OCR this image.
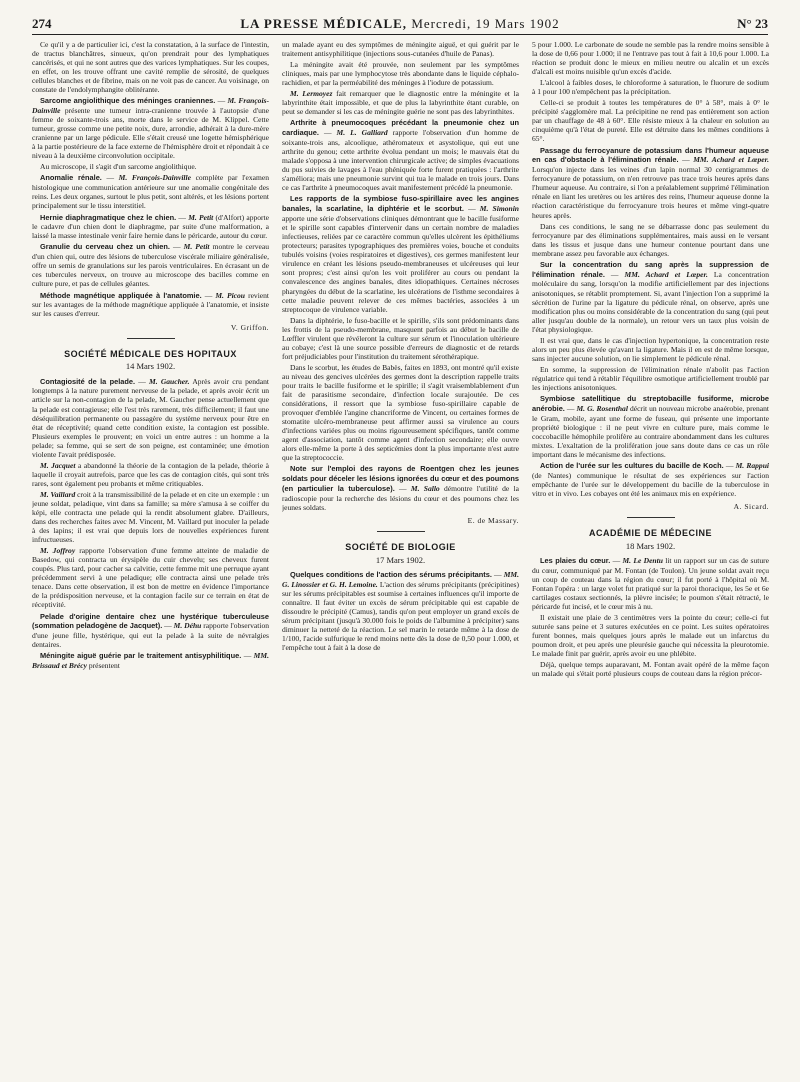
274	LA PRESSE MÉDICALE, Mercredi, 19 Mars 1902	N° 23

Ce qu'il y a de particulier ici, c'est la constatation, à la surface de l'intestin, de tractus blanchâtres, sinueux, qu'on prendrait pour des lymphatiques cancérisés, et qui ne sont autres que des varices lymphatiques. Sur les coupes, en effet, on les trouve offrant une cavité remplie de sérosité, de quelques cellules blanches et de fibrine, mais on ne voit pas de cancer. Au voisinage, on constate de l'endolymphangite oblitérante.

Sarcome angiolithique des méninges craniennes. — M. François-Dainville présente une tumeur intra-cranienne trouvée à l'autopsie d'une femme de soixante-trois ans, morte dans le service de M. Klippel. Cette tumeur, grosse comme une petite noix, dure, arrondie, adhérait à la dure-mère cranienne par un large pédicule. Elle s'était creusé une logette hémisphérique à la partie postérieure de la face externe de l'hémisphère droit et répondait à ce niveau à la deuxième circonvolution occipitale.

Au microscope, il s'agit d'un sarcome angiolithique.

Anomalie rénale. — M. François-Dainville complète par l'examen histologique une communication antérieure sur une anomalie congénitale des reins. Les deux organes, surtout le plus petit, sont altérés, et les lésions portent principalement sur le tissu interstitiel.

Hernie diaphragmatique chez le chien. — M. Petit (d'Alfort) apporte le cadavre d'un chien dont le diaphragme, par suite d'une malformation, a laissé la masse intestinale venir faire hernie dans le péricarde, autour du cœur.

Granulie du cerveau chez un chien. — M. Petit montre le cerveau d'un chien qui, outre des lésions de tuberculose viscérale miliaire généralisée, offre un semis de granulations sur les parois ventriculaires. En écrasant un de ces tubercules nerveux, on trouve au microscope des bacilles comme en culture pure, et pas de cellules géantes.

Méthode magnétique appliquée à l'anatomie. — M. Picou revient sur les avantages de la méthode magnétique appliquée à l'anatomie, et insiste sur les causes d'erreur.

V. Griffon.

SOCIÉTÉ MÉDICALE DES HOPITAUX
14 Mars 1902.

Contagiosité de la pelade. — M. Gaucher. Après avoir cru pendant longtemps à la nature purement nerveuse de la pelade, et après avoir écrit un article sur la non-contagion de la pelade, M. Gaucher pense actuellement que la pelade est contagieuse; elle l'est très rarement, très difficilement; il faut une déséquilibration permanente ou passagère du système nerveux pour être en état de réceptivité; quand cette condition existe, la contagion est possible. Plusieurs exemples le prouvent; en voici un entre autres : un homme a la pelade; sa femme, qui se sert de son peigne, est contaminée; une émotion violente l'avait prédisposée.

M. Jacquet a abandonné la théorie de la contagion de la pelade, théorie à laquelle il croyait autrefois, parce que les cas de contagion cités, qui sont très rares, sont également peu probants et même critiquables.

M. Vaillard croit à la transmissibilité de la pelade et en cite un exemple : un jeune soldat, peladique, vint dans sa famille; sa mère s'amusa à se coiffer du képi, elle contracta une pelade qui la rendit absolument glabre. D'ailleurs, dans des recherches faites avec M. Vincent, M. Vaillard put inoculer la pelade à des lapins; il est vrai que depuis lors de nouvelles expériences furent infructueuses.

M. Joffroy rapporte l'observation d'une femme atteinte de maladie de Basedow, qui contracta un érysipèle du cuir chevelu; ses cheveux furent coupés. Plus tard, pour cacher sa calvitie, cette femme mit une perruque ayant précédemment servi à une peladique; elle contracta ainsi une pelade très tenace. Dans cette observation, il est bon de mettre en évidence l'importance de la prédisposition nerveuse, et la contagion facile sur ce terrain en état de réceptivité.

Pelade d'origine dentaire chez une hystérique tuberculeuse (sommation peladogène de Jacquet). — M. Déhu rapporte l'observation d'une jeune fille, hystérique, qui eut la pelade à la suite de névralgies dentaires.

Méningite aiguë guérie par le traitement antisyphilitique. — MM. Brissaud et Brécy présentent

un malade ayant eu des symptômes de méningite aiguë, et qui guérit par le traitement antisyphilitique (injections sous-cutanées d'huile de Panas).

La méningite avait été prouvée, non seulement par les symptômes cliniques, mais par une lymphocytose très abondante dans le liquide céphalo-rachidien, et par la perméabilité des méninges à l'iodure de potassium.

M. Lermoyez fait remarquer que le diagnostic entre la méningite et la labyrinthite était impossible, et que de plus la labyrinthite étant curable, on peut se demander si les cas de méningite guérie ne sont pas des labyrinthites.

Arthrite à pneumocoques précédant la pneumonie chez un cardiaque. — M. L. Galliard rapporte l'observation d'un homme de soixante-trois ans, alcoolique, athéromateux et asystolique, qui eut une arthrite du genou; cette arthrite évolua pendant un mois; le mauvais état du malade s'opposa à une intervention chirurgicale active; de simples évacuations du pus suivies de lavages à l'eau phéniquée forte furent pratiquées : l'arthrite s'améliora; mais une pneumonie survint qui tua le malade en trois jours. Dans ce cas l'arthrite à pneumocoques avait manifestement précédé la pneumonie.

Les rapports de la symbiose fuso-spirillaire avec les angines banales, la scarlatine, la diphtérie et le scorbut. — M. Simonin apporte une série d'observations cliniques démontrant que le bacille fusiforme et le spirille sont capables d'intervenir dans un certain nombre de maladies infectieuses, reliées par ce caractère commun qu'elles ulcèrent les épithéliums protecteurs; parasites typographiques des premières voies, bouche et conduits tubulés voisins (voies respiratoires et digestives), ces germes manifestent leur virulence en créant les lésions pseudo-membraneuses et ulcéreuses qui leur sont propres; c'est ainsi qu'on les voit proliférer au cours ou pendant la convalescence des angines banales, dites idiopathiques. Certaines nécroses pharyngées du début de la scarlatine, les ulcérations de l'isthme secondaires à cette maladie peuvent relever de ces mêmes bactéries, associées à un streptocoque de virulence variable.

Dans la diphtérie, le fuso-bacille et le spirille, s'ils sont prédominants dans les frottis de la pseudo-membrane, masquent parfois au début le bacille de Lœffler virulent que révéleront la culture sur sérum et l'inoculation ultérieure au cobaye; c'est là une source possible d'erreurs de diagnostic et de retards fort préjudiciables pour l'institution du traitement sérothérapique.

Dans le scorbut, les études de Babès, faites en 1893, ont montré qu'il existe au niveau des gencives ulcérées des germes dont la description rappelle traits pour traits le bacille fusiforme et le spirille; il s'agit vraisemblablement d'un fait de parasitisme secondaire, d'infection locale surajoutée. De ces considérations, il ressort que la symbiose fuso-spirillaire capable de provoquer d'emblée l'angine chancriforme de Vincent, ou certaines formes de stomatite ulcéro-membraneuse peut affirmer aussi sa virulence au cours d'infections variées plus ou moins rigoureusement spécifiques, tantôt comme agent d'association, tantôt comme agent d'infection secondaire; elle ouvre alors elle-même la porte à des septicémies dont la plus importante n'est autre que la streptococcie.

Note sur l'emploi des rayons de Roentgen chez les jeunes soldats pour déceler les lésions ignorées du cœur et des poumons (en particulier la tuberculose). — M. Sallo démontre l'utilité de la radioscopie pour la recherche des lésions du cœur et des poumons chez les jeunes soldats.

E. de Massary.

SOCIÉTÉ DE BIOLOGIE
17 Mars 1902.

Quelques conditions de l'action des sérums précipitants. — MM. G. Linossier et G. H. Lemoine. L'action des sérums précipitants (précipitines) sur les sérums précipitables est soumise à certaines influences qu'il importe de connaître. Il faut éviter un excès de sérum précipitable qui est capable de dissoudre le précipité (Camus), tandis qu'on peut employer un grand excès de sérum précipitant (jusqu'à 30.000 fois le poids de l'albumine à précipiter) sans diminuer la netteté de la réaction. Le sel marin le retarde même à la dose de 1/100, l'acide sulfurique le rend moins nette dès la dose de 0,50 pour 1.000, et l'empêche tout à fait à la dose de

5 pour 1.000. Le carbonate de soude ne semble pas la rendre moins sensible à la dose de 0,66 pour 1.000; il ne l'entrave pas tout à fait à 10,6 pour 1.000. La réaction se produit donc le mieux en milieu neutre ou alcalin et un excès d'alcali est moins nuisible qu'un excès d'acide.

L'alcool à faibles doses, le chloroforme à saturation, le fluorure de sodium à 1 pour 100 n'empêchent pas la précipitation.

Celle-ci se produit à toutes les températures de 0° à 58°, mais à 0° le précipité s'agglomère mal. La précipitine ne rend pas entièrement son action par un chauffage de 48 à 60°. Elle résiste mieux à la chaleur en solution au cinquième qu'à l'état de pureté. Elle est détruite dans les mêmes conditions à 65°.

Passage du ferrocyanure de potassium dans l'humeur aqueuse en cas d'obstacle à l'élimination rénale. — MM. Achard et Lœper. Lorsqu'on injecte dans les veines d'un lapin normal 30 centigrammes de ferrocyanure de potassium, on n'en retrouve pas trace trois heures après dans l'humeur aqueuse. Au contraire, si l'on a préalablement supprimé l'élimination rénale en liant les uretères ou les artères des reins, l'humeur aqueuse donne la réaction caractéristique du ferrocyanure trois heures et même vingt-quatre heures après.

Dans ces conditions, le sang ne se débarrasse donc pas seulement du ferrocyanure par des éliminations supplémentaires, mais aussi en le versant dans les tissus et jusque dans une humeur contenue pourtant dans une membrane assez peu favorable aux échanges.

Sur la concentration du sang après la suppression de l'élimination rénale. — MM. Achard et Lœper. La concentration moléculaire du sang, lorsqu'on la modifie artificiellement par des injections anisotoniques, se rétablit promptement. Si, avant l'injection l'on a supprimé la sécrétion de l'urine par la ligature du pédicule rénal, on observe, après une modification plus ou moins considérable de la concentration du sang (qui peut aller jusqu'au double de la normale), un retour vers un taux plus voisin de l'état physiologique.

Il est vrai que, dans le cas d'injection hypertonique, la concentration reste alors un peu plus élevée qu'avant la ligature. Mais il en est de même lorsque, sans injecter aucune solution, on lie simplement le pédicule rénal.

En somme, la suppression de l'élimination rénale n'abolit pas l'action régulatrice qui tend à rétablir l'équilibre osmotique artificiellement troublé par les injections anisotoniques.

Symbiose satellitique du streptobacille fusiforme, microbe anérobie. — M. G. Rosenthal décrit un nouveau microbe anaérobie, prenant le Gram, mobile, ayant une forme de fuseau, qui présente une importante propriété biologique : il ne peut vivre en culture pure, mais comme le coccobacille hémophile prolifère au contraire abondamment dans les cultures mixtes. L'exaltation de la prolifération joue sans doute dans ce cas un rôle important dans le mécanisme des infections.

Action de l'urée sur les cultures du bacille de Koch. — M. Rappui (de Nantes) communique le résultat de ses expériences sur l'action empêchante de l'urée sur le développement du bacille de la tuberculose in vitro et in vivo. Les cobayes ont été les animaux mis en expérience.

A. Sicard.

ACADÉMIE DE MÉDECINE
18 Mars 1902.

Les plaies du cœur. — M. Le Dentu lit un rapport sur un cas de suture du cœur, communiqué par M. Fontan (de Toulon). Un jeune soldat avait reçu un coup de couteau dans la région du cœur; il fut porté à l'hôpital où M. Fontan l'opéra : un large volet fut pratiqué sur la paroi thoracique, les 5e et 6e cartilages costaux sectionnés, la plèvre incisée; le poumon s'était rétracté, le péricarde fut incisé, et le cœur mis à nu.

Il existait une plaie de 3 centimètres vers la pointe du cœur; celle-ci fut suturée sans peine et 3 sutures exécutées en ce point. Les suites opératoires furent bonnes, mais quelques jours après le malade eut un infarctus du poumon droit, et peu après une pleurésie gauche qui nécessita la pleurotomie. Le malade finit par guérir, après avoir eu une phlébite.

Déjà, quelque temps auparavant, M. Fontan avait opéré de la même façon un malade qui s'était porté plusieurs coups de couteau dans la région précor-
